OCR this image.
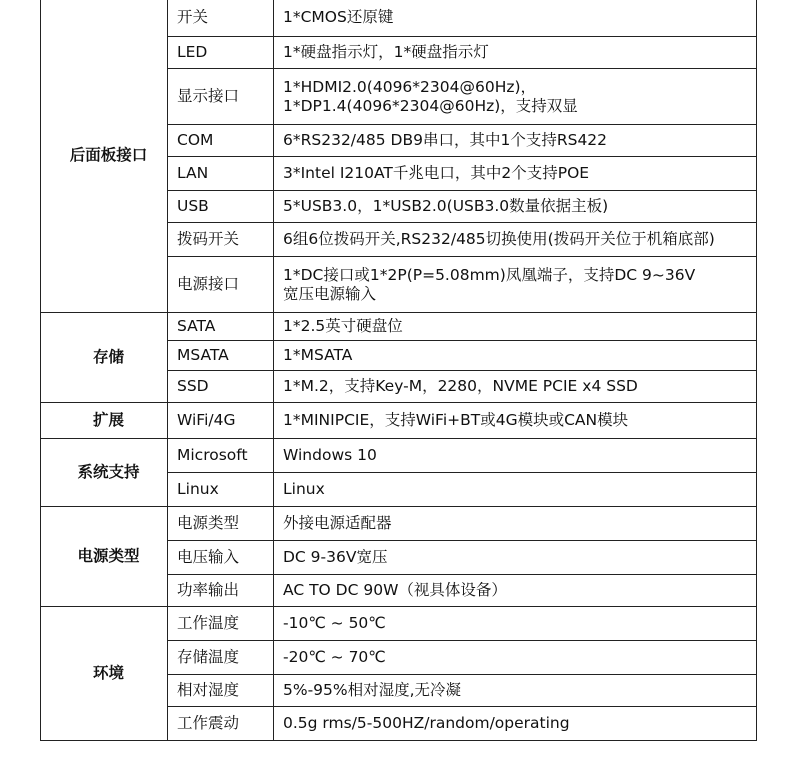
后面板接口	开关	1*CMOS还原键

	LED	1*硬盘指示灯，1*硬盘指示灯

	显示接口	1*HDMI2.0(4096*2304@60Hz)，
1*DP1.4(4096*2304@60Hz)，支持双显

	COM	6*RS232/485 DB9串口，其中1个支持RS422

	LAN	3*Intel I210AT千兆电口，其中2个支持POE

	USB	5*USB3.0，1*USB2.0(USB3.0数量依据主板)

	拨码开关	6组6位拨码开关,RS232/485切换使用(拨码开关位于机箱底部)

	电源接口	1*DC接口或1*2P(P=5.08mm)凤凰端子，支持DC 9~36V
宽压电源输入

存储	SATA	1*2.5英寸硬盘位

	MSATA	1*MSATA

	SSD	1*M.2，支持Key-M，2280，NVME PCIE x4 SSD

扩展	WiFi/4G	1*MINIPCIE，支持WiFi+BT或4G模块或CAN模块

系统支持	Microsoft	Windows 10

	Linux	Linux

电源类型	电源类型	外接电源适配器

	电压输入	DC 9-36V宽压

	功率输出	AC TO DC 90W（视具体设备）

环境	工作温度	-10℃ ~ 50℃

	存储温度	-20℃ ~ 70℃

	相对湿度	5%-95%相对湿度,无冷凝

	工作震动	0.5g rms/5-500HZ/random/operating
